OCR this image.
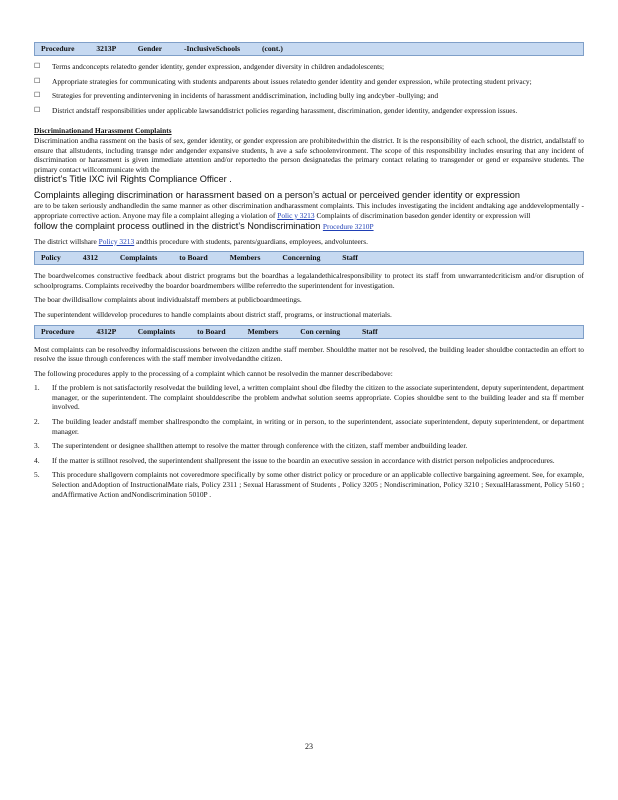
Procedure	3213P	Gender	-InclusiveSchools	(cont.)
☐	Terms andconcepts relatedto gender identity, gender expression, andgender diversity in children andadolescents;
☐	Appropriate strategies for communicating with students andparents about issues relatedto gender identity and gender expression, while protecting student privacy;
☐	Strategies for preventing andintervening in incidents of harassment anddiscrimination, including bully ing andcyber -bullying; and
☐	District andstaff responsibilities under applicable lawsanddistrict policies regarding harassment, discrimination, gender identity, andgender expression issues.
Discriminationand Harassment Complaints

Discrimination andha rassment on the basis of sex, gender identity, or gender expression are prohibitedwithin the district. It is the responsibility of each school, the district, andallstaff to ensure that allstudents, including transge nder andgender expansive students, h ave a safe schoolenvironment. The scope of this responsibility includes ensuring that any incident of discrimination or harassment is given immediate attention and/or reportedto the person designatedas the primary contact relating to transgender or gend er expansive students. The primary contact willcommunicate with the

district’s Title IXC ivil Rights Compliance Officer .

Complaints alleging discrimination or harassment based on a person’s actual or perceived gender identity or expression

are to be taken seriously andhandledin the same manner as other discrimination andharassment complaints. This includes investigating the incident andtaking age anddevelopmentally -appropriate corrective action. Anyone may file a complaint alleging a violation of Polic y 3213 Complaints of discrimination basedon gender identity or expression will

follow the complaint process outlined in the district’s Nondiscrimination Procedure 3210P

The district willshare Policy 3213 andthis procedure with students, parents/guardians, employees, andvolunteers.

Policy	4312	Complaints	to Board	Members	Concerning	Staff

The boardwelcomes constructive feedback about district programs but the boardhas a legalandethicalresponsibility to protect its staff from unwarrantedcriticism and/or disruption of schoolprograms. Complaints receivedby the boardor boardmembers willbe referredto the superintendent for investigation.

The boar dwilldisallow complaints about individualstaff members at publicboardmeetings.

The superintendent willdevelop procedures to handle complaints about district staff, programs, or instructional materials.

Procedure	4312P	Complaints	to Board	Members	Con cerning	Staff

Most complaints can be resolvedby informaldiscussions between the citizen andthe staff member. Shouldthe matter not be resolved, the building leader shouldbe contactedin an effort to resolve the issue through conferences with the staff member involvedandthe citizen.

The following procedures apply to the processing of a complaint which cannot be resolvedin the manner describedabove:

1.	If the problem is not satisfactorily resolvedat the building level, a written complaint shoul dbe filedby the citizen to the associate superintendent, deputy superintendent, department manager, or the superintendent. The complaint shoulddescribe the problem andwhat solution seems appropriate. Copies shouldbe sent to the building leader and sta ff member involved.
2.	The building leader andstaff member shallrespondto the complaint, in writing or in person, to the superintendent, associate superintendent, deputy superintendent, or department manager.
3.	The superintendent or designee shallthen attempt to resolve the matter through conference with the citizen, staff member andbuilding leader.
4.	If the matter is stillnot resolved, the superintendent shallpresent the issue to the boardin an executive session in accordance with district person nelpolicies andprocedures.
5.	This procedure shallgovern complaints not coveredmore specifically by some other district policy or procedure or an applicable collective bargaining agreement. See, for example, Selection andAdoption of InstructionalMate rials, Policy 2311 ; Sexual Harassment of Students , Policy 3205 ; Nondiscrimination, Policy 3210 ; SexualHarassment, Policy 5160 ; andAffirmative Action andNondiscrimination 5010P .
23
